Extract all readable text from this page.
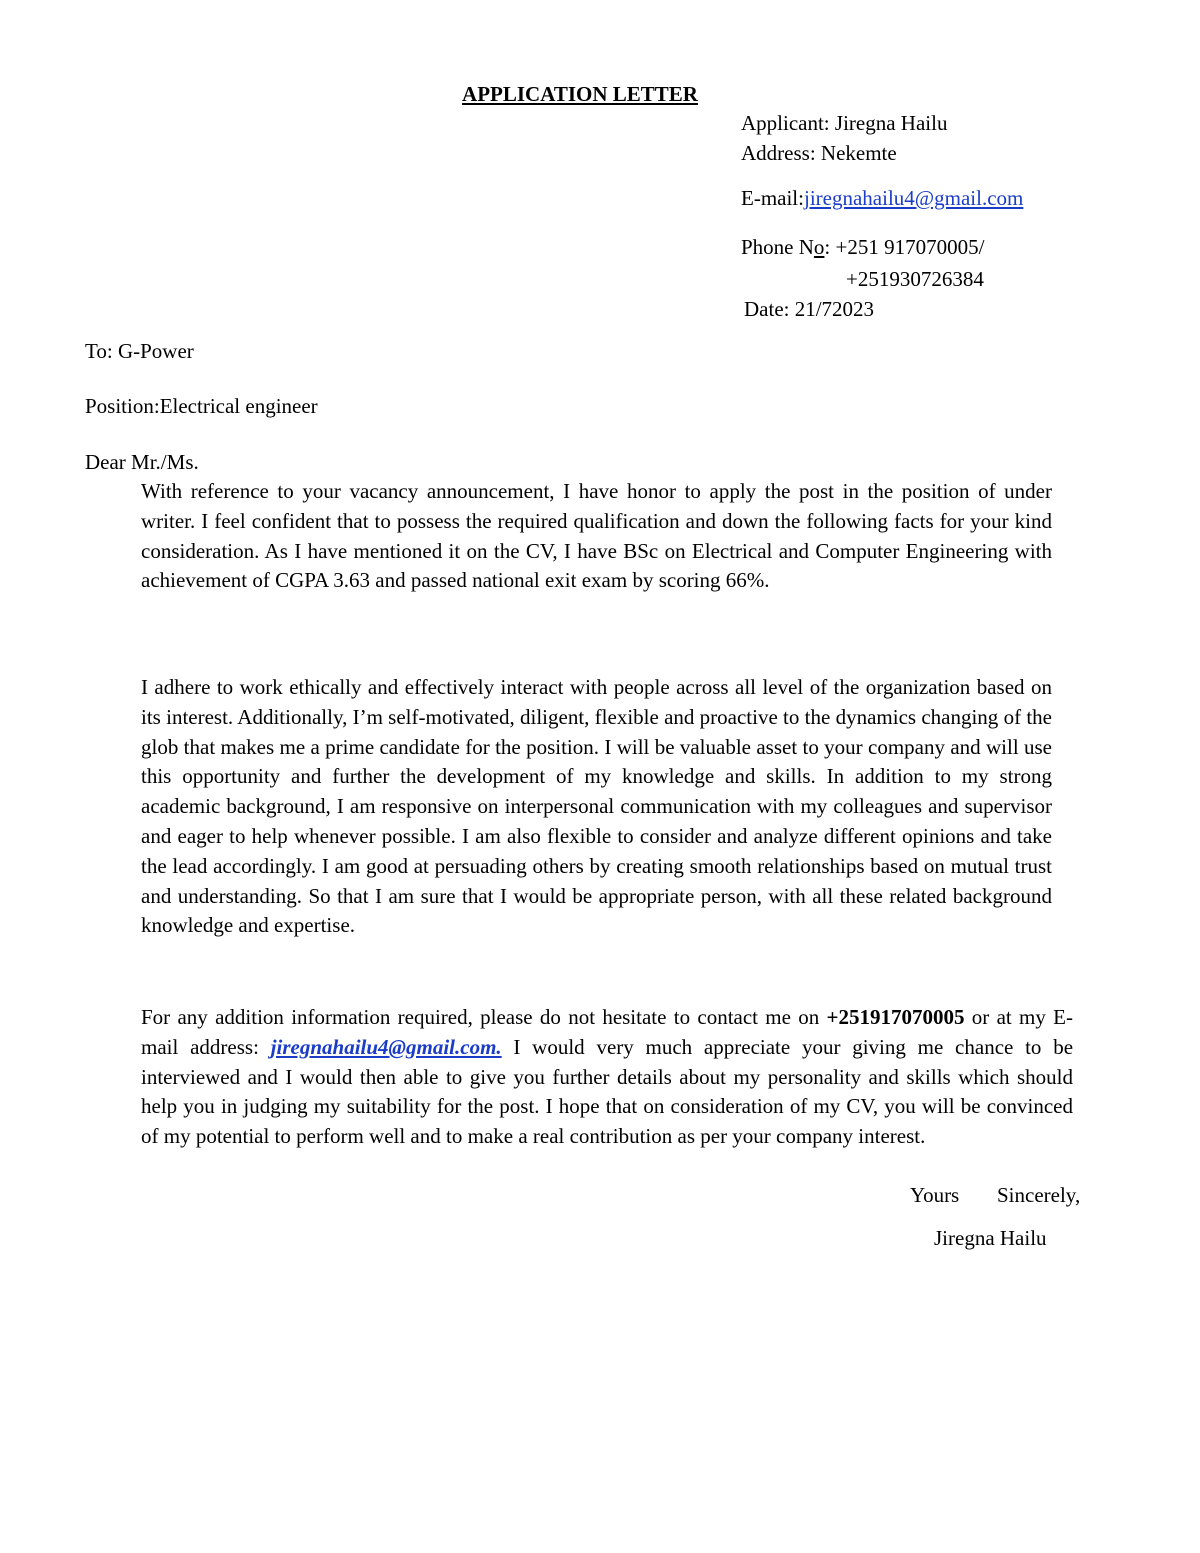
APPLICATION LETTER
Applicant: Jiregna Hailu
Address: Nekemte
E-mail:jiregnahailu4@gmail.com
Phone No: +251 917070005/
+251930726384
Date: 21/72023
To: G-Power
Position:Electrical engineer
Dear Mr./Ms.
With reference to your vacancy announcement, I have honor to apply the post in the position of under writer. I feel confident that to possess the required qualification and down the following facts for your kind consideration. As I have mentioned it on the CV, I have BSc on Electrical and Computer Engineering with achievement of CGPA 3.63 and passed national exit exam by scoring 66%.
I adhere to work ethically and effectively interact with people across all level of the organization based on its interest. Additionally, I’m self-motivated, diligent, flexible and proactive to the dynamics changing of the glob that makes me a prime candidate for the position. I will be valuable asset to your company and will use this opportunity and further the development of my knowledge and skills. In addition to my strong academic background, I am responsive on interpersonal communication with my colleagues and supervisor and eager to help whenever possible. I am also flexible to consider and analyze different opinions and take the lead accordingly. I am good at persuading others by creating smooth relationships based on mutual trust and understanding. So that I am sure that I would be appropriate person, with all these related background knowledge and expertise.
For any addition information required, please do not hesitate to contact me on +251917070005 or at my E-mail address: jiregnahailu4@gmail.com. I would very much appreciate your giving me chance to be interviewed and I would then able to give you further details about my personality and skills which should help you in judging my suitability for the post. I hope that on consideration of my CV, you will be convinced of my potential to perform well and to make a real contribution as per your company interest.
Yours Sincerely,
Jiregna Hailu
